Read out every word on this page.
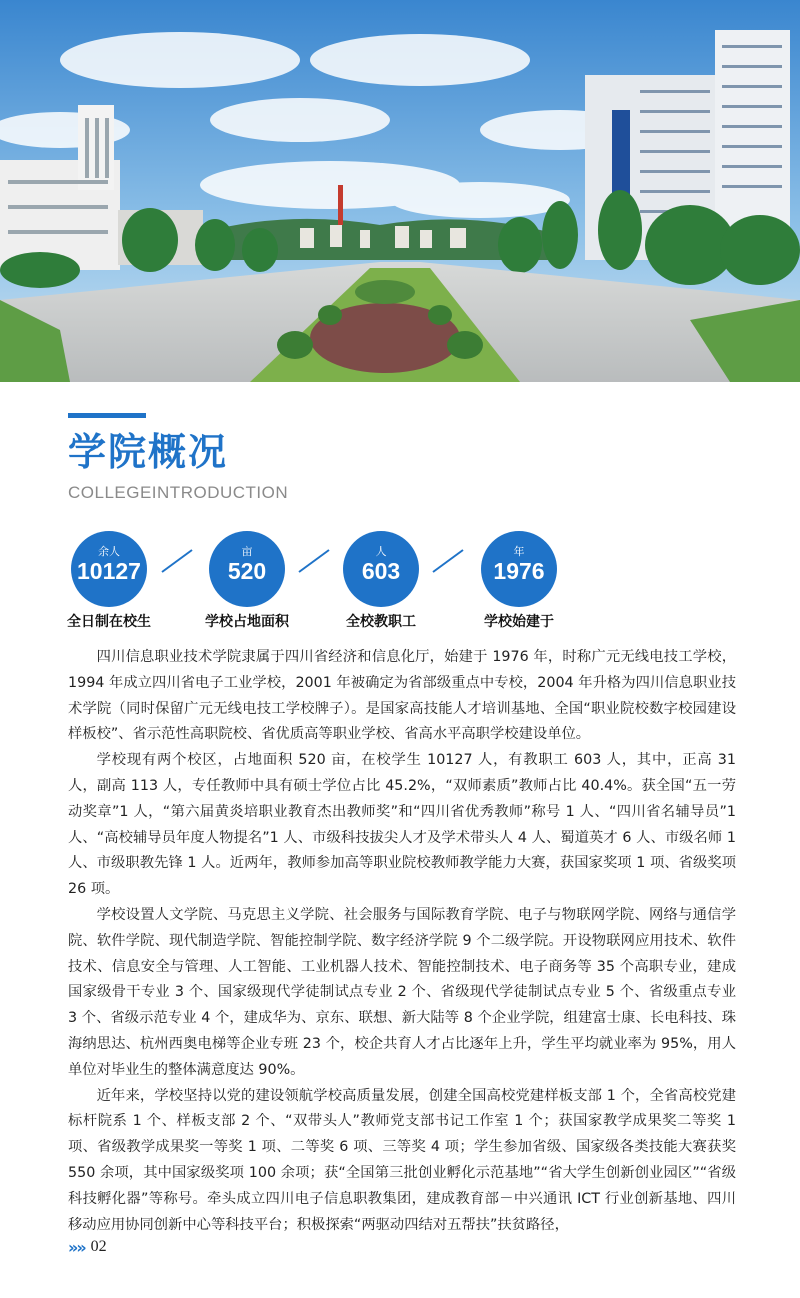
学院概况
COLLEGEINTRODUCTION
余人
10127
全日制在校生
亩
520
学校占地面积
人
603
全校教职工
年
1976
学校始建于

四川信息职业技术学院隶属于四川省经济和信息化厅，始建于 1976 年，时称广元无线电技工学校，1994 年成立四川省电子工业学校，2001 年被确定为省部级重点中专校，2004 年升格为四川信息职业技术学院（同时保留广元无线电技工学校牌子）。是国家高技能人才培训基地、全国“职业院校数字校园建设样板校”、省示范性高职院校、省优质高等职业学校、省高水平高职学校建设单位。

学校现有两个校区，占地面积 520 亩，在校学生 10127 人，有教职工 603 人，其中，正高 31 人，副高 113 人，专任教师中具有硕士学位占比 45.2%，“双师素质”教师占比 40.4%。获全国“五一劳动奖章”1 人，“第六届黄炎培职业教育杰出教师奖”和“四川省优秀教师”称号 1 人、“四川省名辅导员”1 人、“高校辅导员年度人物提名”1 人、市级科技拔尖人才及学术带头人 4 人、蜀道英才 6 人、市级名师 1 人、市级职教先锋 1 人。近两年，教师参加高等职业院校教师教学能力大赛，获国家奖项 1 项、省级奖项 26 项。

学校设置人文学院、马克思主义学院、社会服务与国际教育学院、电子与物联网学院、网络与通信学院、软件学院、现代制造学院、智能控制学院、数字经济学院 9 个二级学院。开设物联网应用技术、软件技术、信息安全与管理、人工智能、工业机器人技术、智能控制技术、电子商务等 35 个高职专业，建成国家级骨干专业 3 个、国家级现代学徒制试点专业 2 个、省级现代学徒制试点专业 5 个、省级重点专业 3 个、省级示范专业 4 个，建成华为、京东、联想、新大陆等 8 个企业学院，组建富士康、长电科技、珠海纳思达、杭州西奥电梯等企业专班 23 个，校企共育人才占比逐年上升，学生平均就业率为 95%，用人单位对毕业生的整体满意度达 90%。

近年来，学校坚持以党的建设领航学校高质量发展，创建全国高校党建样板支部 1 个，全省高校党建标杆院系 1 个、样板支部 2 个、“双带头人”教师党支部书记工作室 1 个；获国家教学成果奖二等奖 1 项、省级教学成果奖一等奖 1 项、二等奖 6 项、三等奖 4 项；学生参加省级、国家级各类技能大赛获奖 550 余项，其中国家级奖项 100 余项；获“全国第三批创业孵化示范基地”“省大学生创新创业园区”“省级科技孵化器”等称号。牵头成立四川电子信息职教集团，建成教育部－中兴通讯 ICT 行业创新基地、四川移动应用协同创新中心等科技平台；积极探索“两驱动四结对五帮扶”扶贫路径，

»» 02
